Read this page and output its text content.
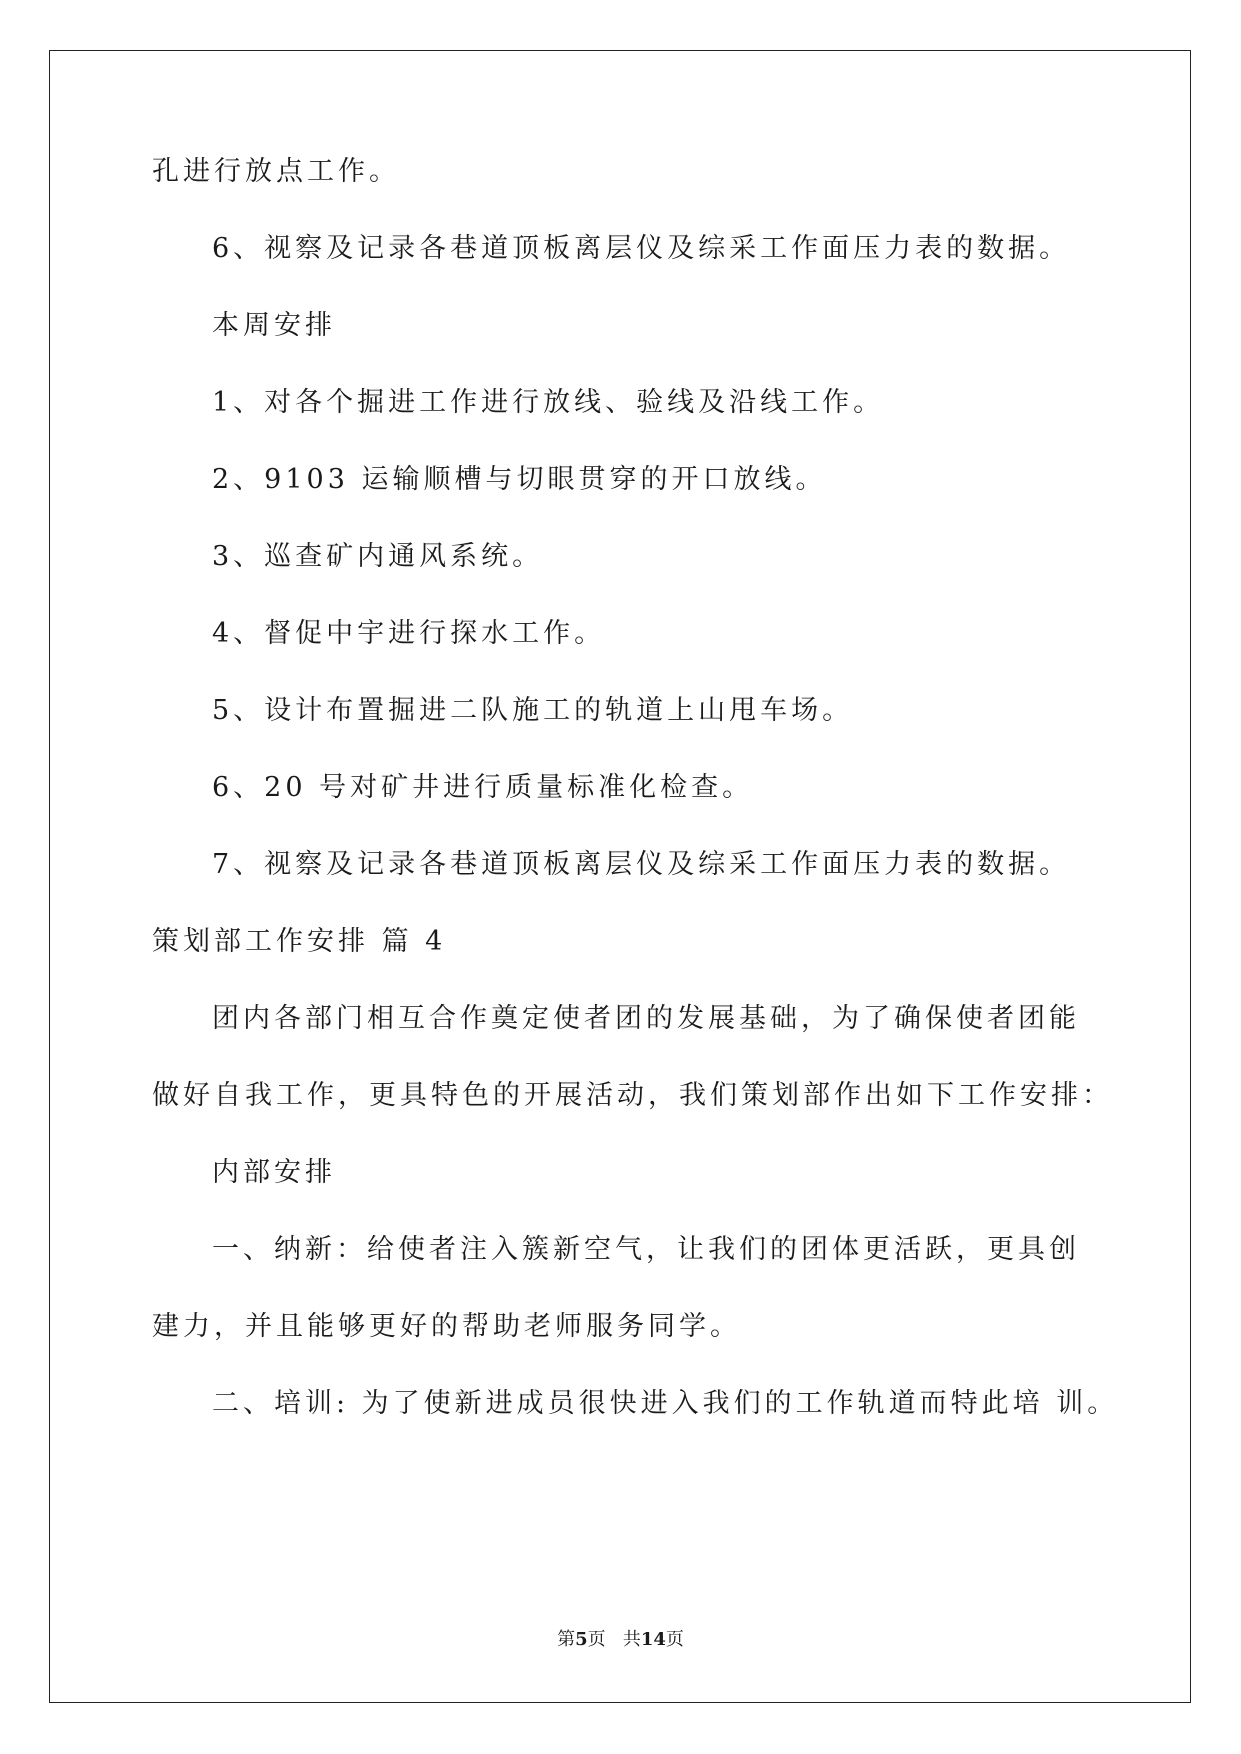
孔进行放点工作。
6、视察及记录各巷道顶板离层仪及综采工作面压力表的数据。
本周安排
1、对各个掘进工作进行放线、验线及沿线工作。
2、9103 运输顺槽与切眼贯穿的开口放线。
3、巡查矿内通风系统。
4、督促中宇进行探水工作。
5、设计布置掘进二队施工的轨道上山甩车场。
6、20 号对矿井进行质量标准化检查。
7、视察及记录各巷道顶板离层仪及综采工作面压力表的数据。
策划部工作安排 篇 4
团内各部门相互合作奠定使者团的发展基础，为了确保使者团能
做好自我工作，更具特色的开展活动，我们策划部作出如下工作安排：
内部安排
一、纳新：给使者注入簇新空气，让我们的团体更活跃，更具创
建力，并且能够更好的帮助老师服务同学。
二、培训: 为了使新进成员很快进入我们的工作轨道而特此培 训。
第5页 共14页
